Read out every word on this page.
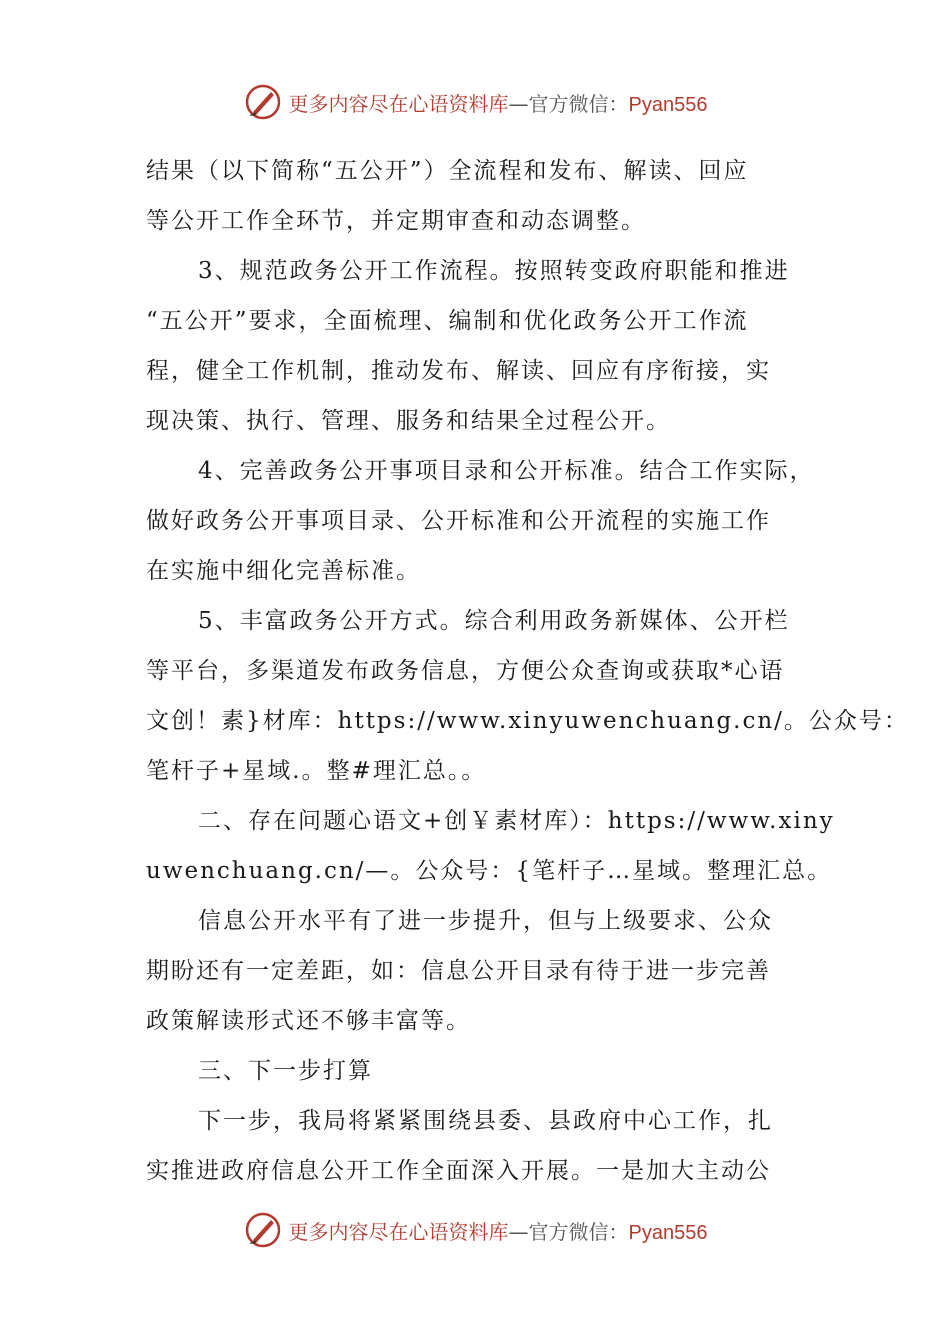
更多内容尽在心语资料库—官方微信：Pyan556
结果（以下简称“五公开”）全流程和发布、解读、回应
等公开工作全环节，并定期审查和动态调整。
3、规范政务公开工作流程。按照转变政府职能和推进
“五公开”要求，全面梳理、编制和优化政务公开工作流
程，健全工作机制，推动发布、解读、回应有序衔接，实
现决策、执行、管理、服务和结果全过程公开。
4、完善政务公开事项目录和公开标准。结合工作实际，
做好政务公开事项目录、公开标准和公开流程的实施工作
在实施中细化完善标准。
5、丰富政务公开方式。综合利用政务新媒体、公开栏
等平台，多渠道发布政务信息，方便公众查询或获取*心语
文创！素}材库：https://www.xinyuwenchuang.cn/。公众号：
笔杆子+星域.。整#理汇总。。
二、存在问题心语文+创￥素材库）：https://www.xiny
uwenchuang.cn/—。公众号：{笔杆子…星域。整理汇总。
信息公开水平有了进一步提升，但与上级要求、公众
期盼还有一定差距，如：信息公开目录有待于进一步完善
政策解读形式还不够丰富等。
三、下一步打算
下一步，我局将紧紧围绕县委、县政府中心工作，扎
实推进政府信息公开工作全面深入开展。一是加大主动公
更多内容尽在心语资料库—官方微信：Pyan556
